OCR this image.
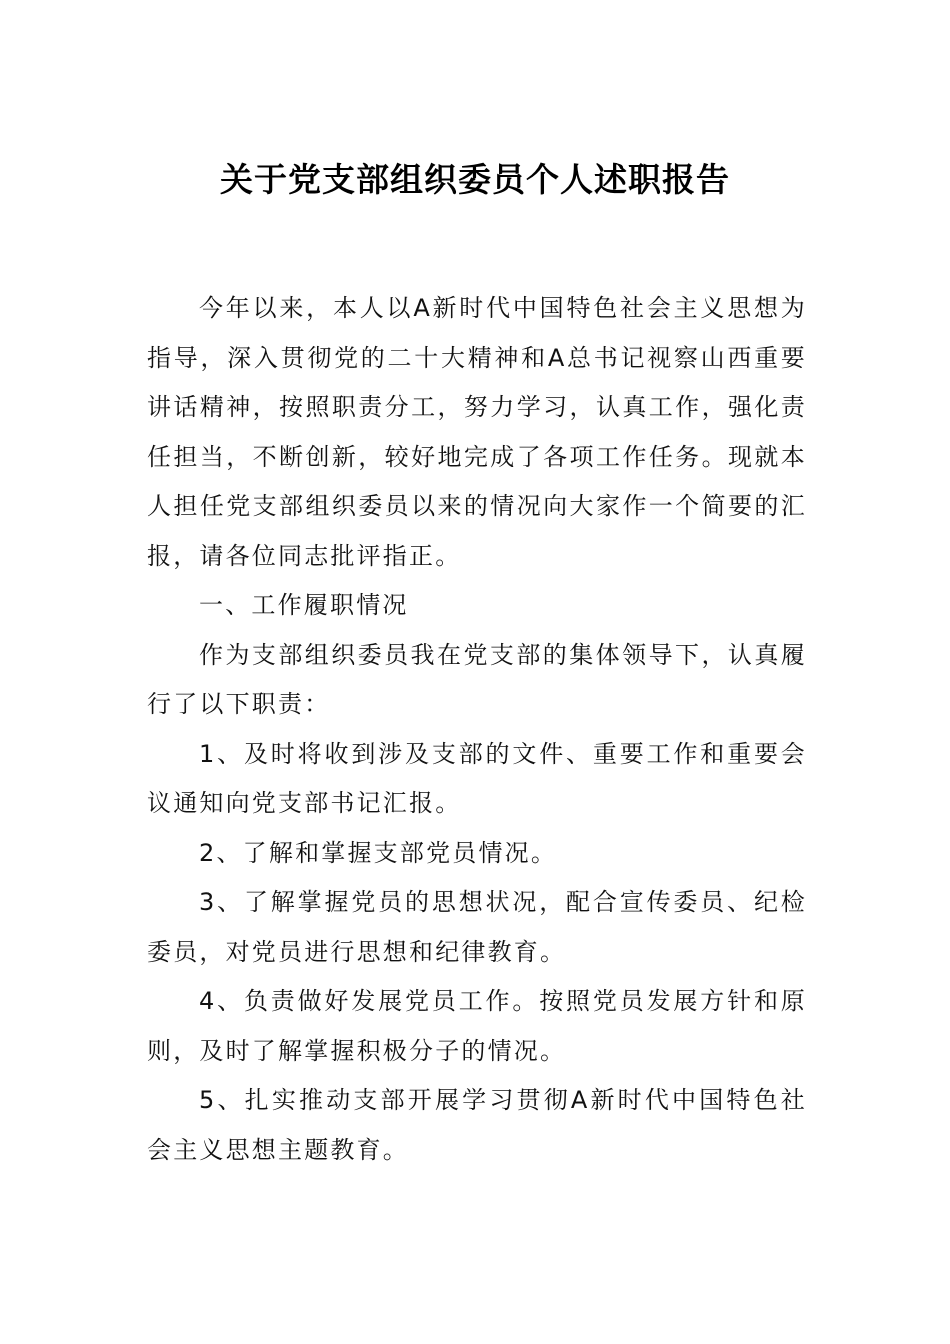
关于党支部组织委员个人述职报告

今年以来，本人以A新时代中国特色社会主义思想为指导，深入贯彻党的二十大精神和A总书记视察山西重要讲话精神，按照职责分工，努力学习，认真工作，强化责任担当，不断创新，较好地完成了各项工作任务。现就本人担任党支部组织委员以来的情况向大家作一个简要的汇报，请各位同志批评指正。

一、工作履职情况

作为支部组织委员我在党支部的集体领导下，认真履行了以下职责：

1、及时将收到涉及支部的文件、重要工作和重要会议通知向党支部书记汇报。

2、了解和掌握支部党员情况。

3、了解掌握党员的思想状况，配合宣传委员、纪检委员，对党员进行思想和纪律教育。

4、负责做好发展党员工作。按照党员发展方针和原则，及时了解掌握积极分子的情况。

5、扎实推动支部开展学习贯彻A新时代中国特色社会主义思想主题教育。
